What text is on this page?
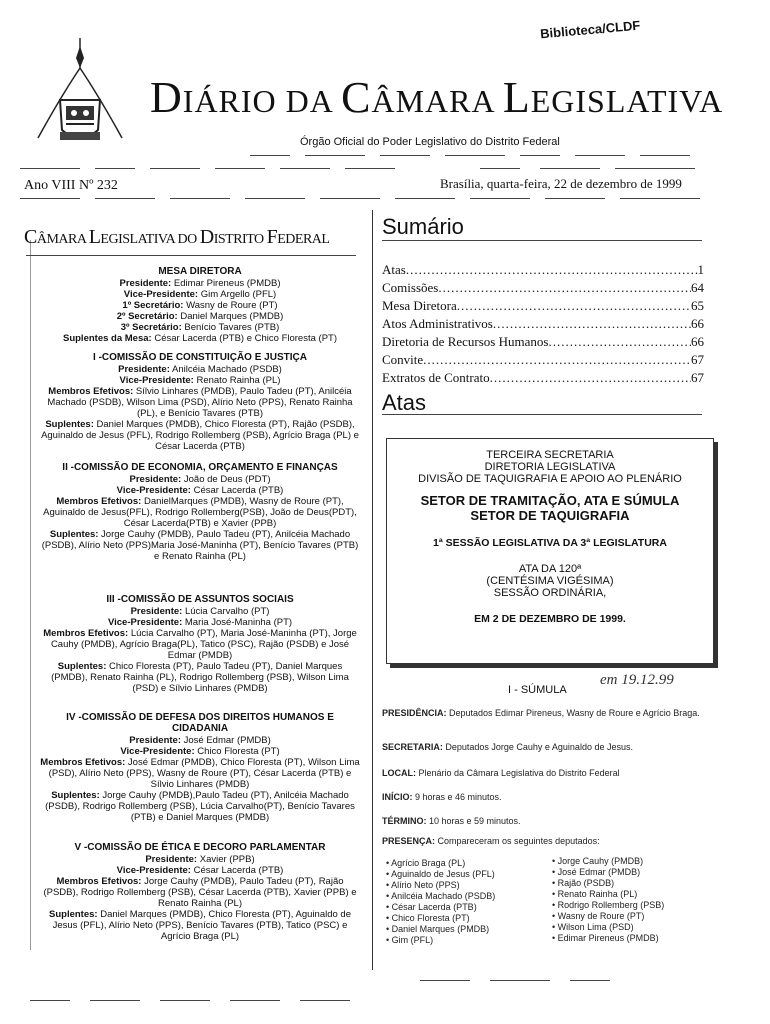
Biblioteca/CLDF
DIÁRIO DA CÂMARA LEGISLATIVA
Órgão Oficial do Poder Legislativo do Distrito Federal
Ano VIII Nº 232	Brasília, quarta-feira, 22 de dezembro de 1999
CÂMARA LEGISLATIVA DO DISTRITO FEDERAL
MESA DIRETORA

Presidente: Edimar Pireneus (PMDB)

Vice-Presidente: Gim Argello (PFL)

1º Secretário: Wasny de Roure (PT)

2º Secretário: Daniel Marques (PMDB)

3º Secretário: Benício Tavares (PTB)

Suplentes da Mesa: César Lacerda (PTB) e Chico Floresta (PT)

I -COMISSÃO DE CONSTITUIÇÃO E JUSTIÇA

Presidente: Anilcéia Machado (PSDB)

Vice-Presidente: Renato Rainha (PL)

Membros Efetivos: Sílvio Linhares (PMDB), Paulo Tadeu (PT), Anilcéia Machado (PSDB), Wilson Lima (PSD), Alírio Neto (PPS), Renato Rainha (PL), e Benício Tavares (PTB)

Suplentes: Daniel Marques (PMDB), Chico Floresta (PT), Rajão (PSDB), Aguinaldo de Jesus (PFL), Rodrigo Rollemberg (PSB), Agrício Braga (PL) e César Lacerda (PTB)

II -COMISSÃO DE ECONOMIA, ORÇAMENTO E FINANÇAS

Presidente: João de Deus (PDT)

Vice-Presidente: César Lacerda (PTB)

Membros Efetivos: DanielMarques (PMDB), Wasny de Roure (PT), Aguinaldo de Jesus(PFL), Rodrigo Rollemberg(PSB), João de Deus(PDT), César Lacerda(PTB) e Xavier (PPB)

Suplentes: Jorge Cauhy (PMDB), Paulo Tadeu (PT), Anilcéia Machado (PSDB), Alírio Neto (PPS)Maria José-Maninha (PT), Benício Tavares (PTB) e Renato Rainha (PL)

III -COMISSÃO DE ASSUNTOS SOCIAIS

Presidente: Lúcia Carvalho (PT)

Vice-Presidente: Maria José-Maninha (PT)

Membros Efetivos: Lúcia Carvalho (PT), Maria José-Maninha (PT), Jorge Cauhy (PMDB), Agrício Braga(PL), Tatico (PSC), Rajão (PSDB) e José Edmar (PMDB)

Suplentes: Chico Floresta (PT), Paulo Tadeu (PT), Daniel Marques (PMDB), Renato Rainha (PL), Rodrigo Rollemberg (PSB), Wilson Lima (PSD) e Sílvio Linhares (PMDB)

IV -COMISSÃO DE DEFESA DOS DIREITOS HUMANOS E CIDADANIA

Presidente: José Edmar (PMDB)

Vice-Presidente: Chico Floresta (PT)

Membros Efetivos: José Edmar (PMDB), Chico Floresta (PT), Wilson Lima (PSD), Alírio Neto (PPS), Wasny de Roure (PT), César Lacerda (PTB) e Sílvio Linhares (PMDB)

Suplentes: Jorge Cauhy (PMDB),Paulo Tadeu (PT), Anilcéia Machado (PSDB), Rodrigo Rollemberg (PSB), Lúcia Carvalho(PT), Benício Tavares (PTB) e Daniel Marques (PMDB)

V -COMISSÃO DE ÉTICA E DECORO PARLAMENTAR

Presidente: Xavier (PPB)

Vice-Presidente: César Lacerda (PTB)

Membros Efetivos: Jorge Cauhy (PMDB), Paulo Tadeu (PT), Rajão (PSDB), Rodrigo Rollemberg (PSB), César Lacerda (PTB), Xavier (PPB) e Renato Rainha (PL)

Suplentes: Daniel Marques (PMDB), Chico Floresta (PT), Aguinaldo de Jesus (PFL), Alírio Neto (PPS), Benício Tavares (PTB), Tatico (PSC) e Agrício Braga (PL)

Sumário
Atas .....	1
Comissões .....	64
Mesa Diretora .....	65
Atos Administrativos .....	66
Diretoria de Recursos Humanos .....	66
Convite .....	67
Extratos de Contrato .....	67
Atas
TERCEIRA SECRETARIA
DIRETORIA LEGISLATIVA
DIVISÃO DE TAQUIGRAFIA E APOIO AO PLENÁRIO
SETOR DE TRAMITAÇÃO, ATA E SÚMULA
SETOR DE TAQUIGRAFIA
1ª SESSÃO LEGISLATIVA DA 3ª LEGISLATURA
ATA DA 120ª
(CENTÉSIMA VIGÉSIMA)
SESSÃO ORDINÁRIA,
EM 2 DE DEZEMBRO DE 1999.
em 19.12.99
I - SÚMULA
PRESIDÊNCIA: Deputados Edimar Pireneus, Wasny de Roure e Agrício Braga.
SECRETARIA: Deputados Jorge Cauhy e Aguinaldo de Jesus.
LOCAL: Plenário da Câmara Legislativa do Distrito Federal
INÍCIO: 9 horas e 46 minutos.
TÉRMINO: 10 horas e 59 minutos.
PRESENÇA: Compareceram os seguintes deputados:
• Agrício Braga (PL)
• Aguinaldo de Jesus (PFL)
• Alírio Neto (PPS)
• Anilcéia Machado (PSDB)
• César Lacerda (PTB)
• Chico Floresta (PT)
• Daniel Marques (PMDB)
• Gim (PFL)
• Jorge Cauhy (PMDB)
• José Edmar (PMDB)
• Rajão (PSDB)
• Renato Rainha (PL)
• Rodrigo Rollemberg (PSB)
• Wasny de Roure (PT)
• Wilson Lima (PSD)
• Edimar Pireneus (PMDB)
